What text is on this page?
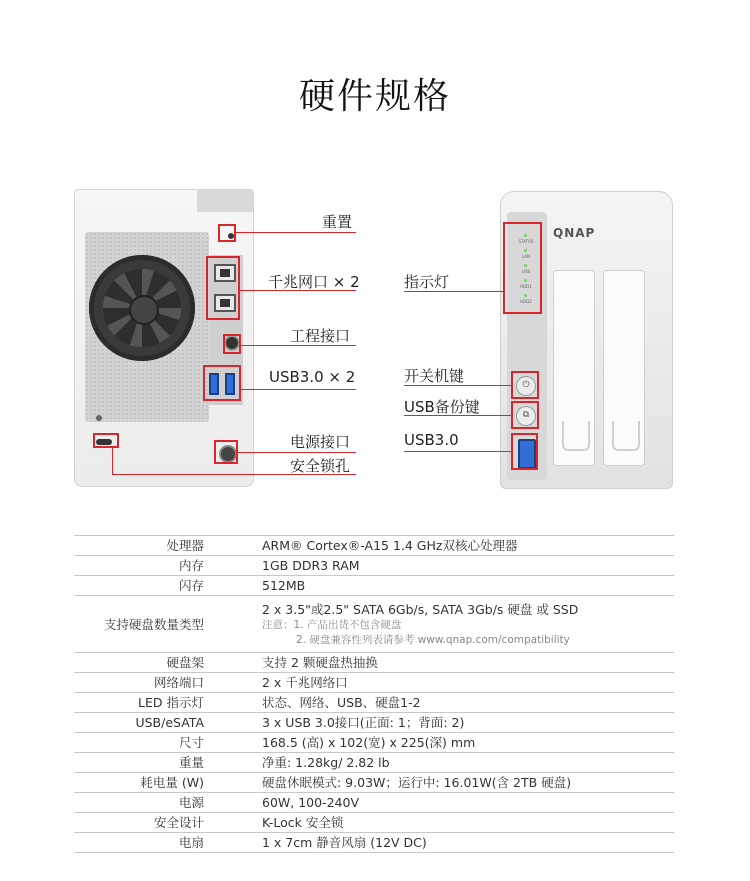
硬件规格
重置
千兆网口 × 2
工程接口
USB3.0 × 2
电源接口
安全锁孔
QNAP
STATUS
LAN
USB
HDD1
HDD2
⏻
⧉
指示灯
开关机键
USB备份键
USB3.0
处理器	ARM® Cortex®-A15 1.4 GHz双核心处理器
内存	1GB DDR3 RAM
闪存	512MB
支持硬盘数量类型	2 x 3.5"或2.5" SATA 6Gb/s, SATA 3Gb/s 硬盘 或 SSD
注意：1. 产品出货不包含硬盘
2. 硬盘兼容性列表请参考 www.qnap.com/compatibility

硬盘架	支持 2 颗硬盘热抽换
网络端口	2 x 千兆网络口
LED 指示灯	状态、网络、USB、硬盘1-2
USB/eSATA	3 x USB 3.0接口(正面: 1；背面: 2)
尺寸	168.5 (高) x 102(宽) x 225(深) mm
重量	净重: 1.28kg/ 2.82 lb
耗电量 (W)	硬盘休眠模式: 9.03W；运行中: 16.01W(含 2TB 硬盘)
电源	60W, 100-240V
安全设计	K-Lock 安全锁
电扇	1 x 7cm 静音风扇 (12V DC)
